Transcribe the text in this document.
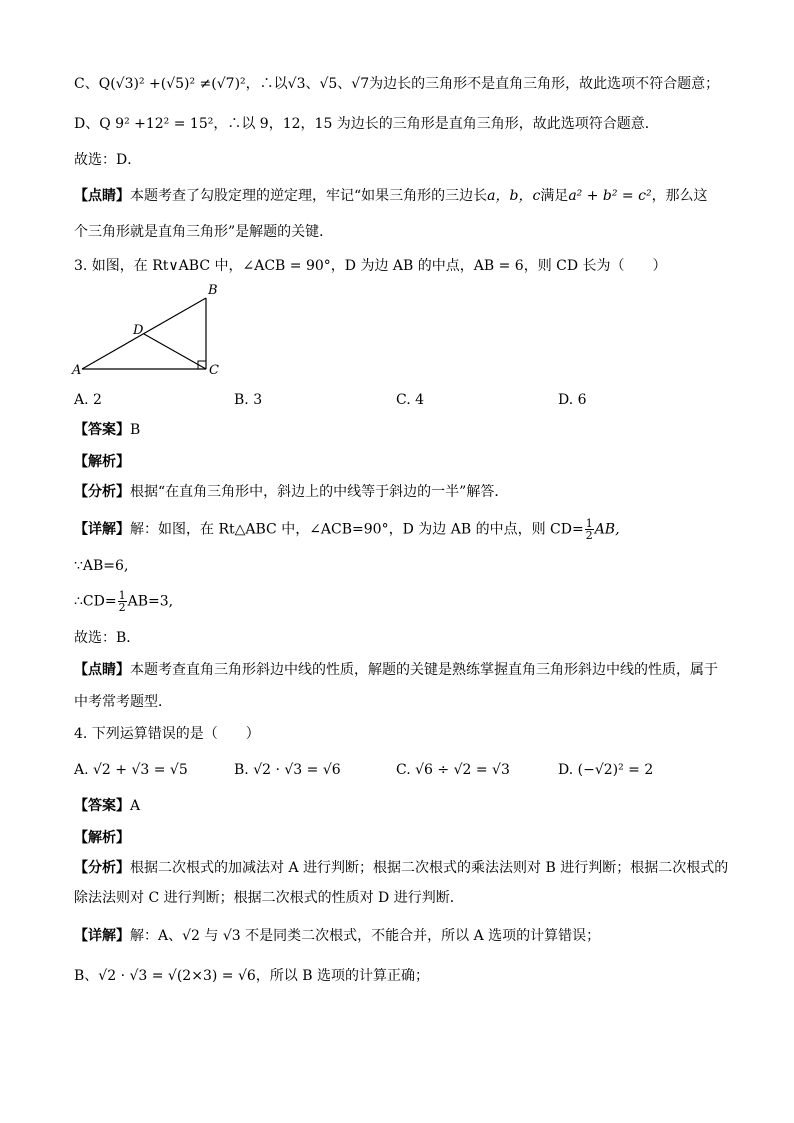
C、Q(√3)² +(√5)² ≠(√7)²，∴以√3、√5、√7为边长的三角形不是直角三角形，故此选项不符合题意；
D、Q 9² +12² = 15²，∴以 9，12，15 为边长的三角形是直角三角形，故此选项符合题意．
故选：D．
【点睛】本题考查了勾股定理的逆定理，牢记“如果三角形的三边长a，b，c满足a² + b² = c²，那么这
个三角形就是直角三角形”是解题的关键．
3. 如图，在 Rt∨ABC 中，∠ACB = 90°，D 为边 AB 的中点，AB = 6，则 CD 长为（　　）
A
B
C
D
A. 2	B. 3	C. 4	D. 6
【答案】B
【解析】
【分析】根据“在直角三角形中，斜边上的中线等于斜边的一半”解答．
【详解】解：如图，在 Rt△ABC 中，∠ACB=90°，D 为边 AB 的中点，则 $CD= \frac{1}{2}$ AB,
∵AB=6,
∴CD= $\frac{1}{2} AB=3$,
故选：B．
【点睛】本题考查直角三角形斜边中线的性质，解题的关键是熟练掌握直角三角形斜边中线的性质，属于
中考常考题型．
4. 下列运算错误的是（　　）
A. √2 + √3 = √5	B. √2 · √3 = √6	C. √6 ÷ √2 = √3	D. (−√2)² = 2
【答案】A
【解析】
【分析】根据二次根式的加减法对 A 进行判断；根据二次根式的乘法法则对 B 进行判断；根据二次根式的
除法法则对 C 进行判断；根据二次根式的性质对 D 进行判断．
【详解】解：A、√2 与 √3 不是同类二次根式，不能合并，所以 A 选项的计算错误；
B、√2 · √3 = √(2×3) = √6，所以 B 选项的计算正确；
